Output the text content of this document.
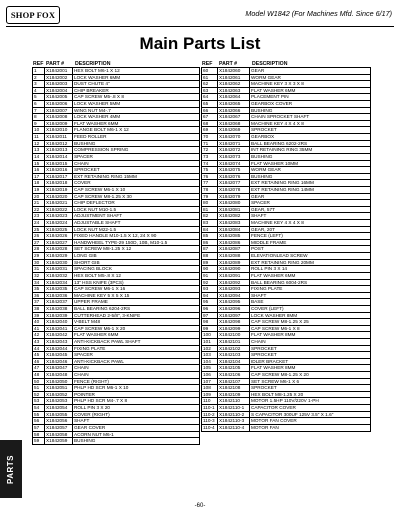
SHOP FOX	Model W1842 (For Machines Mfd. Since 6/17)
Main Parts List
REF PART #	DESCRIPTION
1	X1842001	HEX BOLT M6-1 X 12
2	X1842002	LOCK WASHER 6MM
3	X1842003	DUST CHUTE 4"
4	X1842004	CHIP BREAKER
5	X1842005	CAP SCREW M5-.8 X 8
6	X1842006	LOCK WASHER 5MM
7	X1842007	WING NUT M4-.7
8	X1842008	LOCK WASHER 4MM
9	X1842009	FLAT WASHER 6MM
10	X1842010	FLANGE BOLT M6-1 X 12
11	X1842011	FEED ROLLER
12	X1842012	BUSHING
13	X1842013	COMPRESSION SPRING
14	X1842014	SPACER
15	X1842015	CHAIN
16	X1842016	SPROCKET
17	X1842017	EXT RETAINING RING 15MM
18	X1842018	COVER
19	X1842019	CAP SCREW M6-1 X 10
20	X1842020	CAP SCREW M8-1.25 X 30
21	X1842021	CHIP DEFLECTOR
22	X1842022	LOCK NUT M10-1.5
23	X1842023	ADJUSTMENT SHAFT
24	X1842024	ADJUSTABLE SHAFT
25	X1842025	LOCK NUT M22-1.5
26	X1842026	FIXED HANDLE M10-1.5 X 12, 24 X 90
27	X1842027	HANDWHEEL TYPE-29 150D, 10B, M10-1.5
28	X1842028	SET SCREW M8-1.25 X 12
29	X1842029	LONG GIB
30	X1842030	SHORT GIB
31	X1842031	SPACING BLOCK
32	X1842032	HEX BOLT M5-.8 X 12
34	X1842034	13" HSS KNIFE (3PCS)
35	X1842035	CAP SCREW M6-1 X 16
36	X1842036	MACHINE KEY 5 X 5 X 15
37	X1842037	UPPER FRAME
38	X1842038	BALL BEARING 6204-2RS
39	X1842039	CUTTERHEAD 2-5/8", 3-KNIFE
40	X1842040	V-BELT M48
41	X1842041	CAP SCREW M6-1 X 20
42	X1842042	FLAT WASHER 6MM
43	X1842043	ANTI-KICKBACK PAWL SHAFT
44	X1842044	FIXING PLATE
45	X1842045	SPACER
46	X1842046	ANTI-KICKBACK PAWL
47	X1842047	CHAIN
48	X1842048	CHAIN
50	X1842050	FENCE (RIGHT)
51	X1842051	PHLP HD SCR M6-1 X 10
52	X1842052	POINTER
53	X1842053	PHLP HD SCR M4-.7 X 8
54	X1842054	ROLL PIN 3 X 20
55	X1842055	COVER (RIGHT)
56	X1842056	SHAFT
57	X1842057	GEAR COVER
58	X1842058	ACORN NUT M6-1
59	X1842059	BUSHING
REF	PART #	DESCRIPTION
60	X1842060	GEAR
61	X1842061	WORM GEAR
62	X1842062	MACHINE KEY 3 X 3 X 8
63	X1842063	FLAT WASHER 6MM
64	X1842064	PLACEMENT PIN
65	X1842065	GEARBOX COVER
66	X1842066	BUSHING
67	X1842067	CHAIN SPROCKET SHAFT
68	X1842068	MACHINE KEY 4 X 4 X 8
69	X1842069	SPROCKET
70	X1842070	GEARBOX
71	X1842071	BALL BEARING 6202-2RS
72	X1842072	INT RETAINING RING 35MM
73	X1842073	BUSHING
74	X1842074	FLAT WASHER 10MM
75	X1842075	WORM GEAR
76	X1842076	BUSHING
77	X1842077	EXT RETAINING RING 16MM
78	X1842078	EXT RETAINING RING 14MM
79	X1842079	GEAR
80	X1842080	SPACER
81	X1842081	GEAR, 57T
82	X1842082	SHAFT
83	X1842083	MACHINE KEY 4 X 4 X 8
84	X1842084	GEAR, 20T
85	X1842085	FENCE (LEFT)
86	X1842086	MIDDLE FRAME
87	X1842087	POST
88	X1842088	ELEVATIONLEAD SCREW
89	X1842089	EXT RETAINING RING 20MM
90	X1842090	ROLL PIN 3 X 14
91	X1842091	FLAT WASHER 6MM
92	X1842092	BALL BEARING 6004-2RS
93	X1842093	FIXING PLATE
94	X1842094	SHAFT
95	X1842095	BASE
96	X1842096	COVER (LEFT)
97	X1842097	LOCK WASHER 8MM
98	X1842098	CAP SCREW M8-1.25 X 25
99	X1842099	CAP SCREW M6-1 X 8
100	X1842100	FLAT WASHER 8MM
101	X1842101	CHAIN
102	X1842102	SPROCKET
103	X1842103	SPROCKET
104	X1842104	IDLER BRACKET
105	X1842105	FLAT WASHER 8MM
106	X1842106	CAP SCREW M8-1.25 X 20
107	X1842107	SET SCREW M6-1 X 6
108	X1842108	SPROCKET
109	X1842109	HEX BOLT M8-1.25 X 20
110	X1842110	MOTOR 1.5HP 110V/220V 1-PH
110-1 X1842110-1	CAPACITOR COVER
110-2 X1842110-2	S CAPACITOR 300UF 125V 3.5" X 1.6"
110-3 X1842110-3	MOTOR FAN COVER
110-4 X1842110-4	MOTOR FAN
PARTS
-60-
